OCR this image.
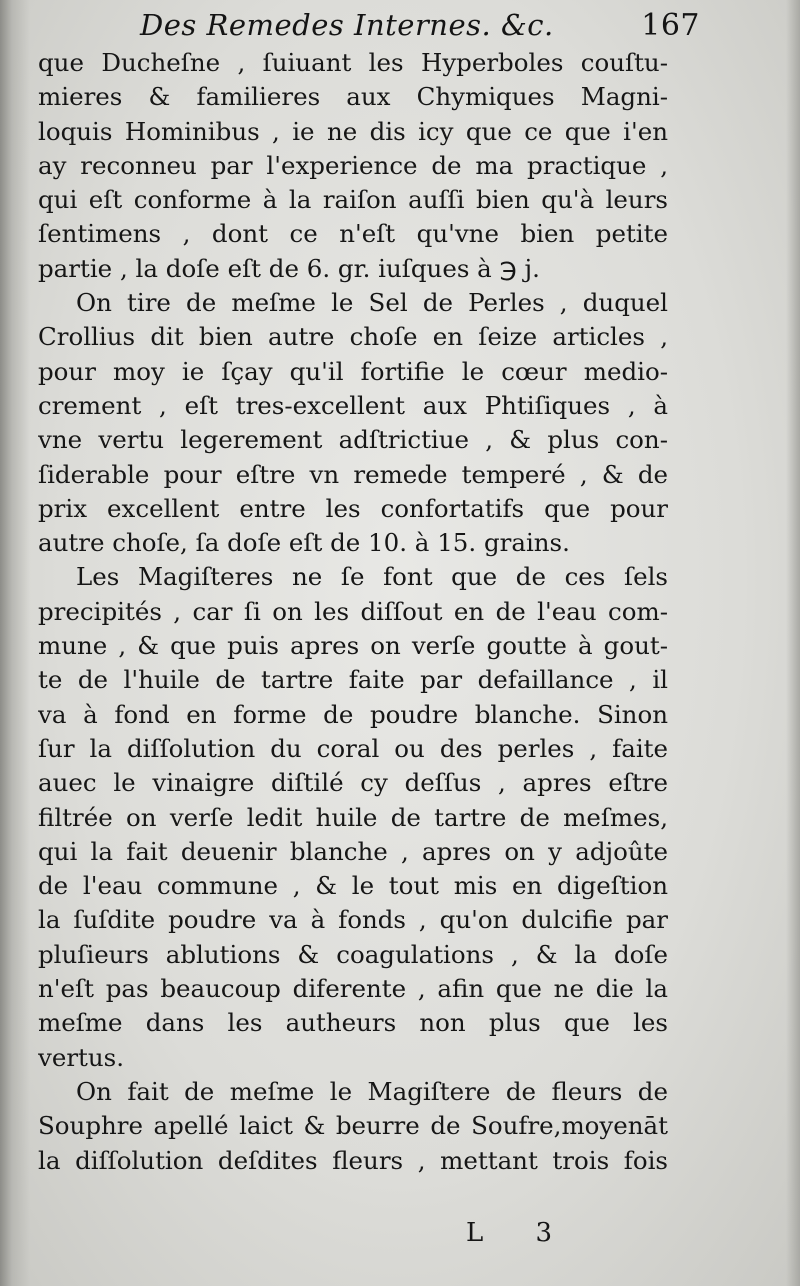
Des Remedes Internes. &c.	167
que Ducheſne , ſuiuant les Hyperboles couſtu-
mieres & familieres aux Chymiques Magni-
loquis Hominibus , ie ne dis icy que ce que i'en
ay reconneu par l'experience de ma practique ,
qui eſt conforme à la raiſon auſſi bien qu'à leurs
ſentimens , dont ce n'eſt qu'vne bien petite
partie , la doſe eſt de 6. gr. iuſques à ℈ j.
On tire de meſme le Sel de Perles , duquel
Crollius dit bien autre choſe en ſeize articles ,
pour moy ie ſçay qu'il fortifie le cœur medio-
crement , eſt tres-excellent aux Phtiſiques , à
vne vertu legerement adſtrictiue , & plus con-
ſiderable pour eſtre vn remede temperé , & de
prix excellent entre les confortatifs que pour
autre choſe, ſa doſe eſt de 10. à 15. grains.
Les Magiſteres ne ſe font que de ces ſels
precipités , car ſi on les diſſout en de l'eau com-
mune , & que puis apres on verſe goutte à gout-
te de l'huile de tartre faite par defaillance , il
va à fond en forme de poudre blanche. Sinon
ſur la diſſolution du coral ou des perles , faite
auec le vinaigre diſtilé cy deſſus , apres eſtre
filtrée on verſe ledit huile de tartre de meſmes,
qui la fait deuenir blanche , apres on y adjoûte
de l'eau commune , & le tout mis en digeſtion
la ſuſdite poudre va à fonds , qu'on dulcifie par
pluſieurs ablutions & coagulations , & la doſe
n'eſt pas beaucoup diferente , afin que ne die la
meſme dans les autheurs non plus que les
vertus.
On fait de meſme le Magiſtere de fleurs de
Souphre apellé laict & beurre de Soufre,moyenāt
la diſſolution deſdites fleurs , mettant trois fois
L 3
